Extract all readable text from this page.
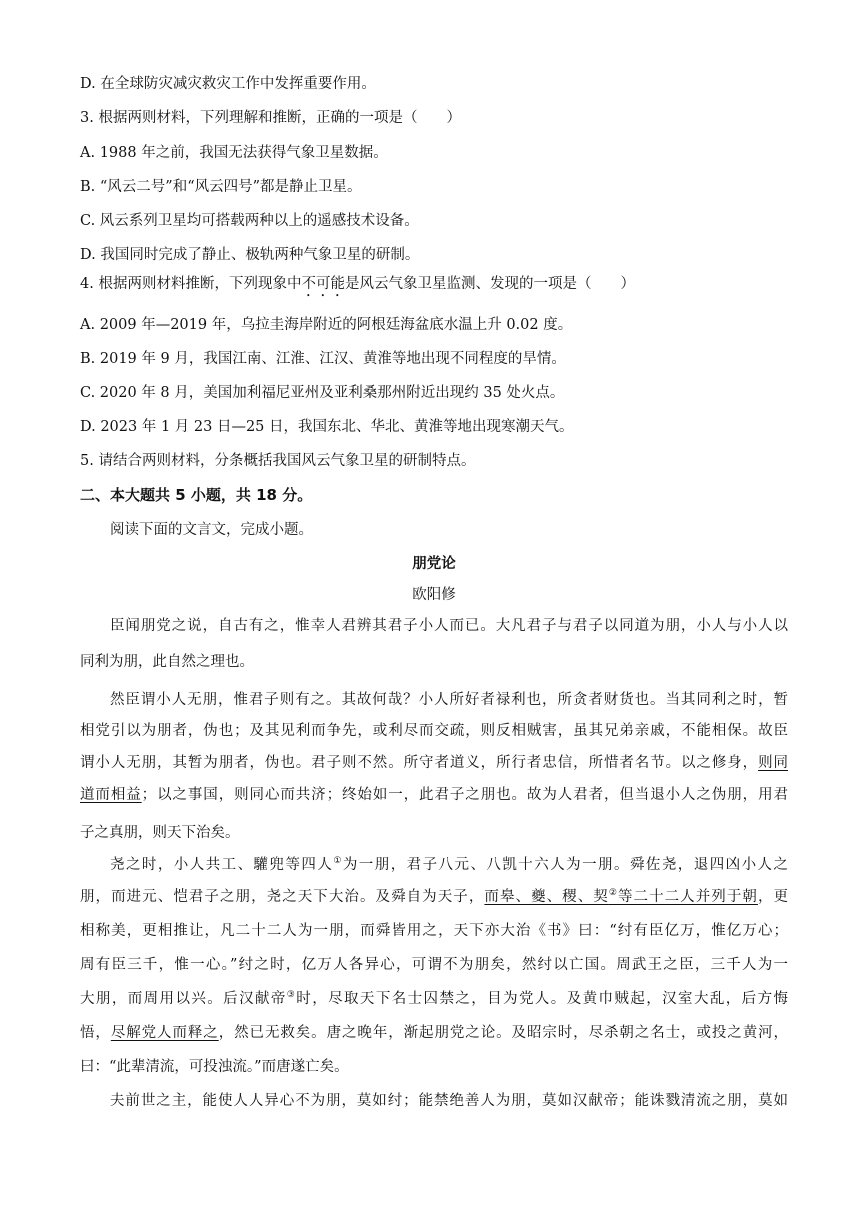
D. 在全球防灾减灾救灾工作中发挥重要作用。
3. 根据两则材料，下列理解和推断，正确的一项是（　　）
A. 1988 年之前，我国无法获得气象卫星数据。
B. “风云二号”和“风云四号”都是静止卫星。
C. 风云系列卫星均可搭载两种以上的遥感技术设备。
D. 我国同时完成了静止、极轨两种气象卫星的研制。
4. 根据两则材料推断，下列现象中不可能是风云气象卫星监测、发现的一项是（　　）
A. 2009 年—2019 年，乌拉圭海岸附近的阿根廷海盆底水温上升 0.02 度。
B. 2019 年 9 月，我国江南、江淮、江汉、黄淮等地出现不同程度的旱情。
C. 2020 年 8 月，美国加利福尼亚州及亚利桑那州附近出现约 35 处火点。
D. 2023 年 1 月 23 日—25 日，我国东北、华北、黄淮等地出现寒潮天气。
5. 请结合两则材料，分条概括我国风云气象卫星的研制特点。
二、本大题共 5 小题，共 18 分。
阅读下面的文言文，完成小题。
朋党论
欧阳修
臣闻朋党之说，自古有之，惟幸人君辨其君子小人而已。大凡君子与君子以同道为朋，小人与小人以
同利为朋，此自然之理也。
然臣谓小人无朋，惟君子则有之。其故何哉？小人所好者禄利也，所贪者财货也。当其同利之时，暂
相党引以为朋者，伪也；及其见利而争先，或利尽而交疏，则反相贼害，虽其兄弟亲戚，不能相保。故臣
谓小人无朋，其暂为朋者，伪也。君子则不然。所守者道义，所行者忠信，所惜者名节。以之修身，则同
道而相益；以之事国，则同心而共济；终始如一，此君子之朋也。故为人君者，但当退小人之伪朋，用君
子之真朋，则天下治矣。
尧之时，小人共工、驩兜等四人①为一朋，君子八元、八凯十六人为一朋。舜佐尧，退四凶小人之
朋，而进元、恺君子之朋，尧之天下大治。及舜自为天子，而皋、夔、稷、契②等二十二人并列于朝，更
相称美，更相推让，凡二十二人为一朋，而舜皆用之，天下亦大治《书》曰：“纣有臣亿万，惟亿万心；
周有臣三千，惟一心。”纣之时，亿万人各异心，可谓不为朋矣，然纣以亡国。周武王之臣，三千人为一
大朋，而周用以兴。后汉献帝③时，尽取天下名士囚禁之，目为党人。及黄巾贼起，汉室大乱，后方悔
悟，尽解党人而释之，然已无救矣。唐之晚年，渐起朋党之论。及昭宗时，尽杀朝之名士，或投之黄河，
曰：“此辈清流，可投浊流。”而唐遂亡矣。
夫前世之主，能使人人异心不为朋，莫如纣；能禁绝善人为朋，莫如汉献帝；能诛戮清流之朋，莫如
